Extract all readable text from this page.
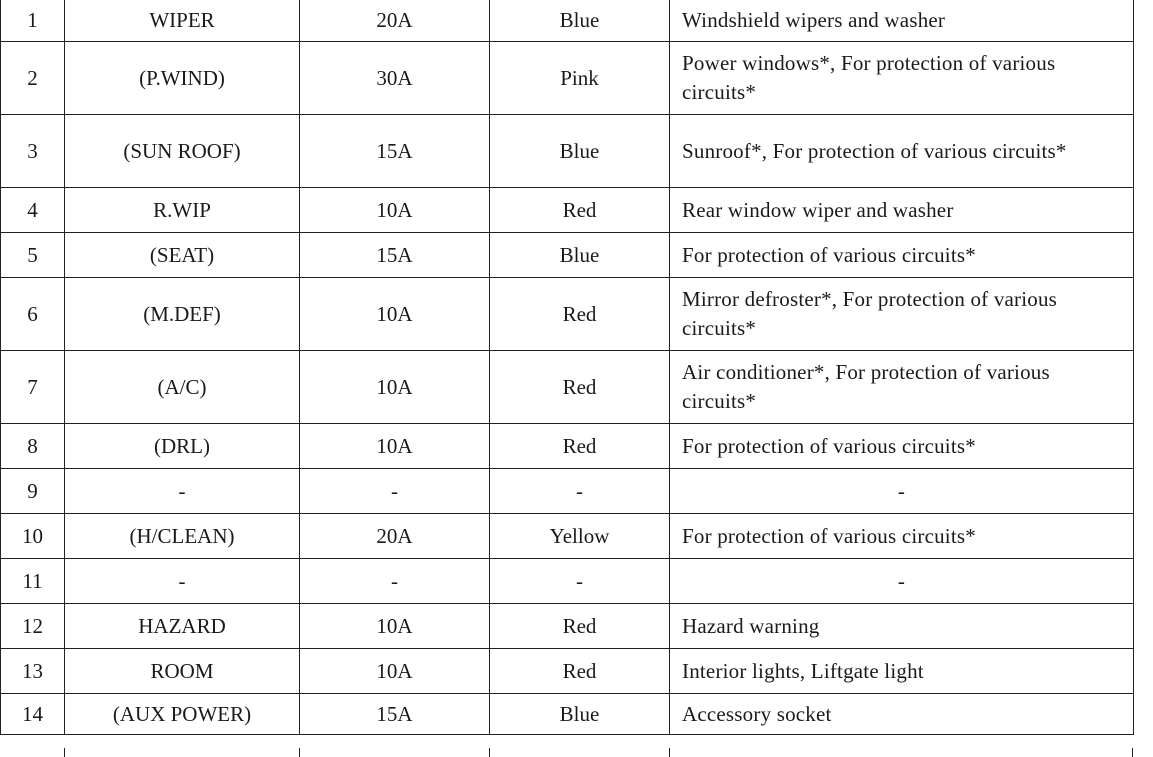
1	WIPER	20A	Blue	Windshield wipers and washer
2	(P.WIND)	30A	Pink	Power windows*, For protection of various circuits*
3	(SUN ROOF)	15A	Blue	Sunroof*, For protection of various circuits*
4	R.WIP	10A	Red	Rear window wiper and washer
5	(SEAT)	15A	Blue	For protection of various circuits*
6	(M.DEF)	10A	Red	Mirror defroster*, For protection of various circuits*
7	(A/C)	10A	Red	Air conditioner*, For protection of various circuits*
8	(DRL)	10A	Red	For protection of various circuits*
9	-	-	-	-
10	(H/CLEAN)	20A	Yellow	For protection of various circuits*
11	-	-	-	-
12	HAZARD	10A	Red	Hazard warning
13	ROOM	10A	Red	Interior lights, Liftgate light
14	(AUX POWER)	15A	Blue	Accessory socket
